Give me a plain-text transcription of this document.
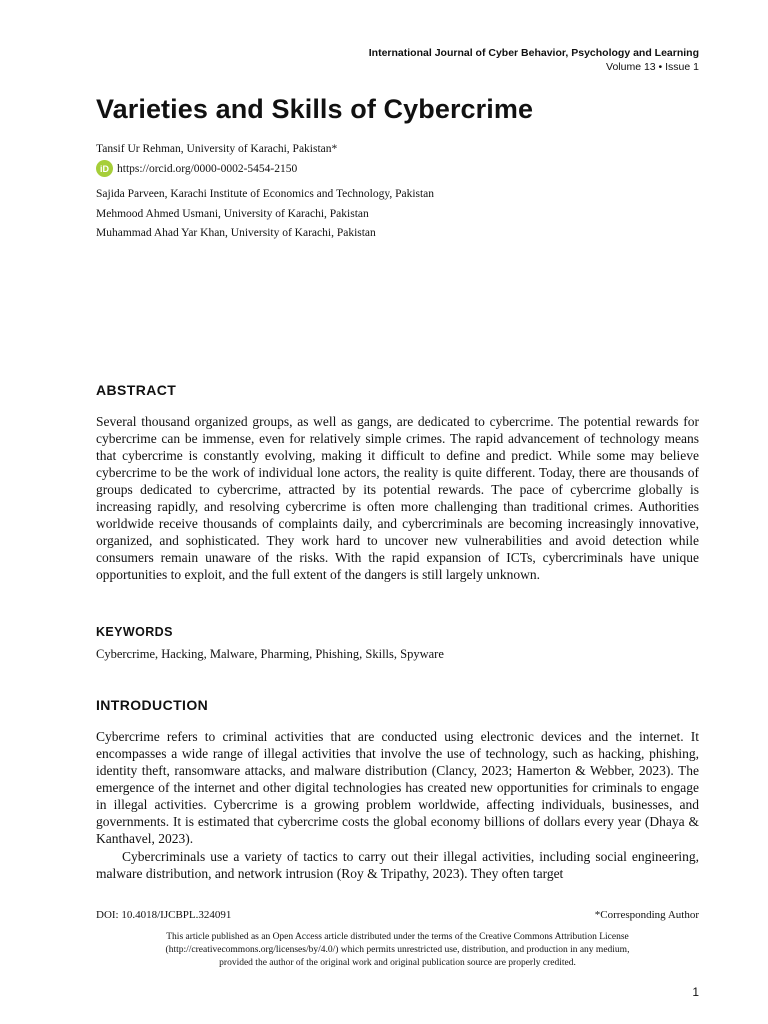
International Journal of Cyber Behavior, Psychology and Learning
Volume 13 • Issue 1
Varieties and Skills of Cybercrime
Tansif Ur Rehman, University of Karachi, Pakistan*
iD https://orcid.org/0000-0002-5454-2150
Sajida Parveen, Karachi Institute of Economics and Technology, Pakistan
Mehmood Ahmed Usmani, University of Karachi, Pakistan
Muhammad Ahad Yar Khan, University of Karachi, Pakistan
ABSTRACT

Several thousand organized groups, as well as gangs, are dedicated to cybercrime. The potential rewards for cybercrime can be immense, even for relatively simple crimes. The rapid advancement of technology means that cybercrime is constantly evolving, making it difficult to define and predict. While some may believe cybercrime to be the work of individual lone actors, the reality is quite different. Today, there are thousands of groups dedicated to cybercrime, attracted by its potential rewards. The pace of cybercrime globally is increasing rapidly, and resolving cybercrime is often more challenging than traditional crimes. Authorities worldwide receive thousands of complaints daily, and cybercriminals are becoming increasingly innovative, organized, and sophisticated. They work hard to uncover new vulnerabilities and avoid detection while consumers remain unaware of the risks. With the rapid expansion of ICTs, cybercriminals have unique opportunities to exploit, and the full extent of the dangers is still largely unknown.

KEYWORDS
Cybercrime, Hacking, Malware, Pharming, Phishing, Skills, Spyware
INTRODUCTION

Cybercrime refers to criminal activities that are conducted using electronic devices and the internet. It encompasses a wide range of illegal activities that involve the use of technology, such as hacking, phishing, identity theft, ransomware attacks, and malware distribution (Clancy, 2023; Hamerton & Webber, 2023). The emergence of the internet and other digital technologies has created new opportunities for criminals to engage in illegal activities. Cybercrime is a growing problem worldwide, affecting individuals, businesses, and governments. It is estimated that cybercrime costs the global economy billions of dollars every year (Dhaya & Kanthavel, 2023).

Cybercriminals use a variety of tactics to carry out their illegal activities, including social engineering, malware distribution, and network intrusion (Roy & Tripathy, 2023). They often target

DOI: 10.4018/IJCBPL.324091	*Corresponding Author

This article published as an Open Access article distributed under the terms of the Creative Commons Attribution License
(http://creativecommons.org/licenses/by/4.0/) which permits unrestricted use, distribution, and production in any medium,
provided the author of the original work and original publication source are properly credited.

1
